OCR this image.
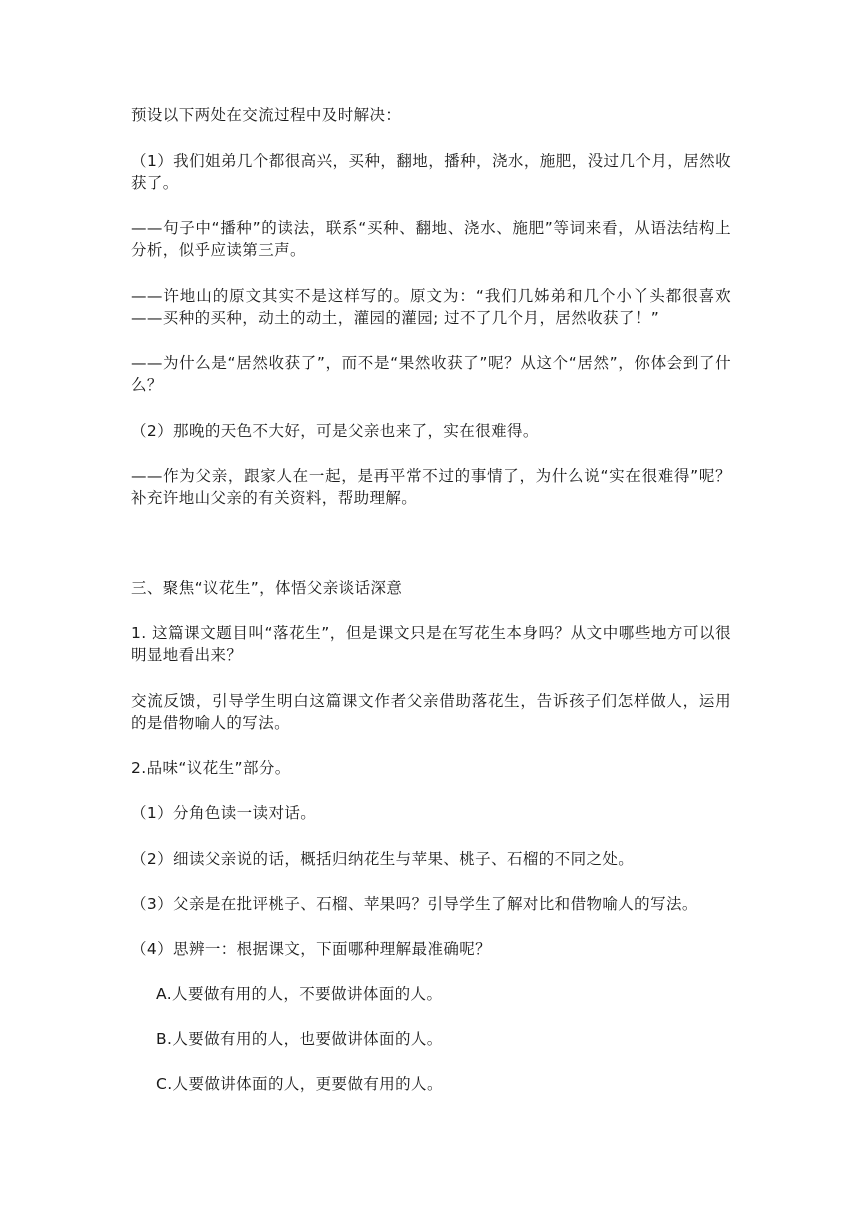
预设以下两处在交流过程中及时解决：

（1）我们姐弟几个都很高兴，买种，翻地，播种，浇水，施肥，没过几个月，居然收获了。

——句子中“播种”的读法，联系“买种、翻地、浇水、施肥”等词来看，从语法结构上分析，似乎应读第三声。

——许地山的原文其实不是这样写的。原文为：“我们几姊弟和几个小丫头都很喜欢——买种的买种，动土的动土，灌园的灌园; 过不了几个月，居然收获了！”

——为什么是“居然收获了”，而不是“果然收获了”呢？从这个“居然”，你体会到了什么？

（2）那晚的天色不大好，可是父亲也来了，实在很难得。

——作为父亲，跟家人在一起，是再平常不过的事情了，为什么说“实在很难得”呢？补充许地山父亲的有关资料，帮助理解。

三、聚焦“议花生”，体悟父亲谈话深意

1. 这篇课文题目叫“落花生”，但是课文只是在写花生本身吗？从文中哪些地方可以很明显地看出来？

交流反馈，引导学生明白这篇课文作者父亲借助落花生，告诉孩子们怎样做人，运用的是借物喻人的写法。

2.品味“议花生”部分。

（1）分角色读一读对话。

（2）细读父亲说的话，概括归纳花生与苹果、桃子、石榴的不同之处。

（3）父亲是在批评桃子、石榴、苹果吗？引导学生了解对比和借物喻人的写法。

（4）思辨一：根据课文，下面哪种理解最准确呢？

A.人要做有用的人，不要做讲体面的人。

B.人要做有用的人，也要做讲体面的人。

C.人要做讲体面的人，更要做有用的人。
